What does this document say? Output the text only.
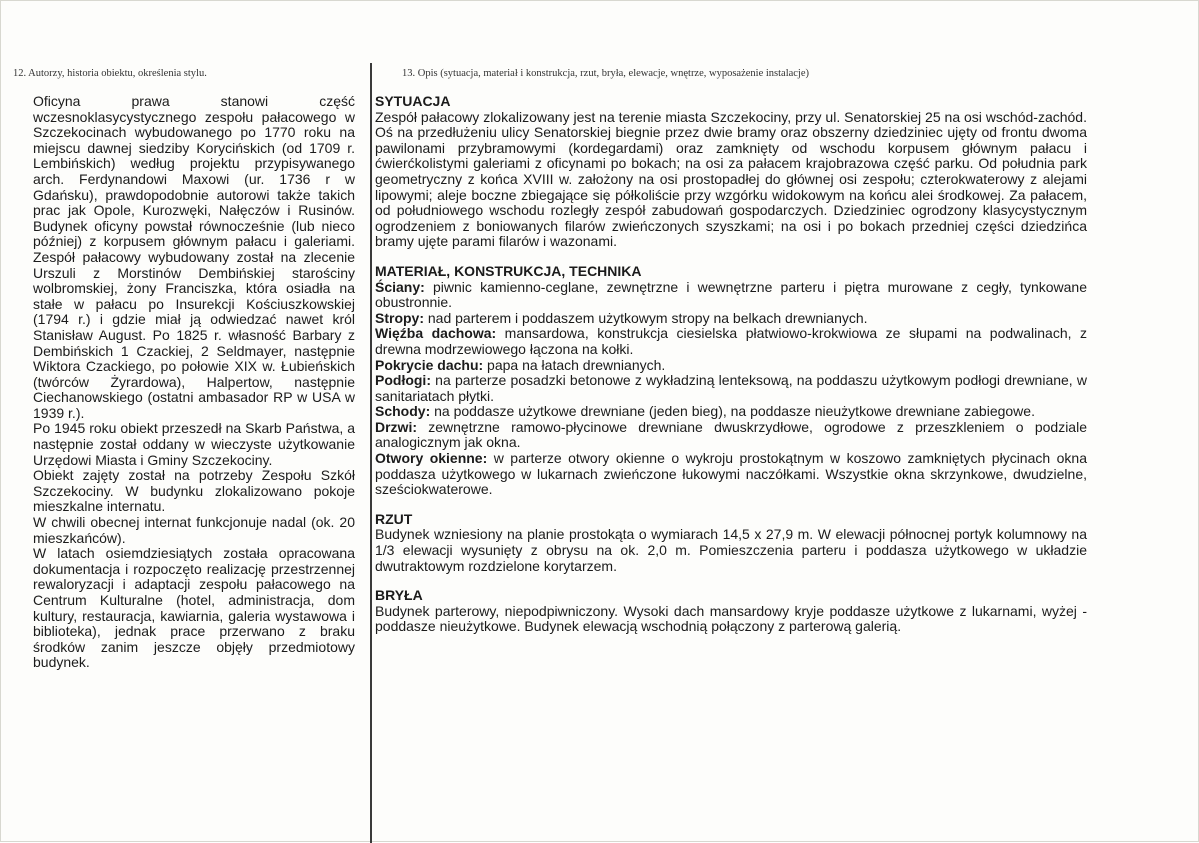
12. Autorzy, historia obiektu, określenia stylu.	13. Opis (sytuacja, materiał i konstrukcja, rzut, bryła, elewacje, wnętrze, wyposażenie instalacje)

Oficyna prawa stanowi część wczesnoklasycystycznego zespołu pałacowego w Szczekocinach wybudowanego po 1770 roku na miejscu dawnej siedziby Korycińskich (od 1709 r. Lembińskich) według projektu przypisywanego arch. Ferdynandowi Maxowi (ur. 1736 r w Gdańsku), prawdopodobnie autorowi także takich prac jak Opole, Kurozwęki, Nałęczów i Rusinów. Budynek oficyny powstał równocześnie (lub nieco później) z korpusem głównym pałacu i galeriami. Zespół pałacowy wybudowany został na zlecenie Urszuli z Morstinów Dembińskiej starościny wolbromskiej, żony Franciszka, która osiadła na stałe w pałacu po Insurekcji Kościuszkowskiej (1794 r.) i gdzie miał ją odwiedzać nawet król Stanisław August. Po 1825 r. własność Barbary z Dembińskich 1 Czackiej, 2 Seldmayer, następnie Wiktora Czackiego, po połowie XIX w. Łubieńskich (twórców Żyrardowa), Halpertow, następnie Ciechanowskiego (ostatni ambasador RP w USA w 1939 r.).

Po 1945 roku obiekt przeszedł na Skarb Państwa, a następnie został oddany w wieczyste użytkowanie Urzędowi Miasta i Gminy Szczekociny.

Obiekt zajęty został na potrzeby Zespołu Szkół Szczekociny. W budynku zlokalizowano pokoje mieszkalne internatu.

W chwili obecnej internat funkcjonuje nadal (ok. 20 mieszkańców).

W latach osiemdziesiątych została opracowana dokumentacja i rozpoczęto realizację przestrzennej rewaloryzacji i adaptacji zespołu pałacowego na Centrum Kulturalne (hotel, administracja, dom kultury, restauracja, kawiarnia, galeria wystawowa i biblioteka), jednak prace przerwano z braku środków zanim jeszcze objęły przedmiotowy budynek.

SYTUACJA

Zespół pałacowy zlokalizowany jest na terenie miasta Szczekociny, przy ul. Senatorskiej 25 na osi wschód-zachód. Oś na przedłużeniu ulicy Senatorskiej biegnie przez dwie bramy oraz obszerny dziedziniec ujęty od frontu dwoma pawilonami przybramowymi (kordegardami) oraz zamknięty od wschodu korpusem głównym pałacu i ćwierćkolistymi galeriami z oficynami po bokach; na osi za pałacem krajobrazowa część parku. Od południa park geometryczny z końca XVIII w. założony na osi prostopadłej do głównej osi zespołu; czterokwaterowy z alejami lipowymi; aleje boczne zbiegające się półkoliście przy wzgórku widokowym na końcu alei środkowej. Za pałacem, od południowego wschodu rozległy zespół zabudowań gospodarczych. Dziedziniec ogrodzony klasycystycznym ogrodzeniem z boniowanych filarów zwieńczonych szyszkami; na osi i po bokach przedniej części dziedzińca bramy ujęte parami filarów i wazonami.

MATERIAŁ, KONSTRUKCJA, TECHNIKA

Ściany: piwnic kamienno-ceglane, zewnętrzne i wewnętrzne parteru i piętra murowane z cegły, tynkowane obustronnie.

Stropy: nad parterem i poddaszem użytkowym stropy na belkach drewnianych.

Więźba dachowa: mansardowa, konstrukcja ciesielska płatwiowo-krokwiowa ze słupami na podwalinach, z drewna modrzewiowego łączona na kołki.

Pokrycie dachu: papa na łatach drewnianych.

Podłogi: na parterze posadzki betonowe z wykładziną lenteksową, na poddaszu użytkowym podłogi drewniane, w sanitariatach płytki.

Schody: na poddasze użytkowe drewniane (jeden bieg), na poddasze nieużytkowe drewniane zabiegowe.

Drzwi: zewnętrzne ramowo-płycinowe drewniane dwuskrzydłowe, ogrodowe z przeszkleniem o podziale analogicznym jak okna.

Otwory okienne: w parterze otwory okienne o wykroju prostokątnym w koszowo zamkniętych płycinach okna poddasza użytkowego w lukarnach zwieńczone łukowymi naczółkami. Wszystkie okna skrzynkowe, dwudzielne, sześciokwaterowe.

RZUT

Budynek wzniesiony na planie prostokąta o wymiarach 14,5 x 27,9 m. W elewacji północnej portyk kolumnowy na 1/3 elewacji wysunięty z obrysu na ok. 2,0 m. Pomieszczenia parteru i poddasza użytkowego w układzie dwutraktowym rozdzielone korytarzem.

BRYŁA

Budynek parterowy, niepodpiwniczony. Wysoki dach mansardowy kryje poddasze użytkowe z lukarnami, wyżej - poddasze nieużytkowe. Budynek elewacją wschodnią połączony z parterową galerią.
